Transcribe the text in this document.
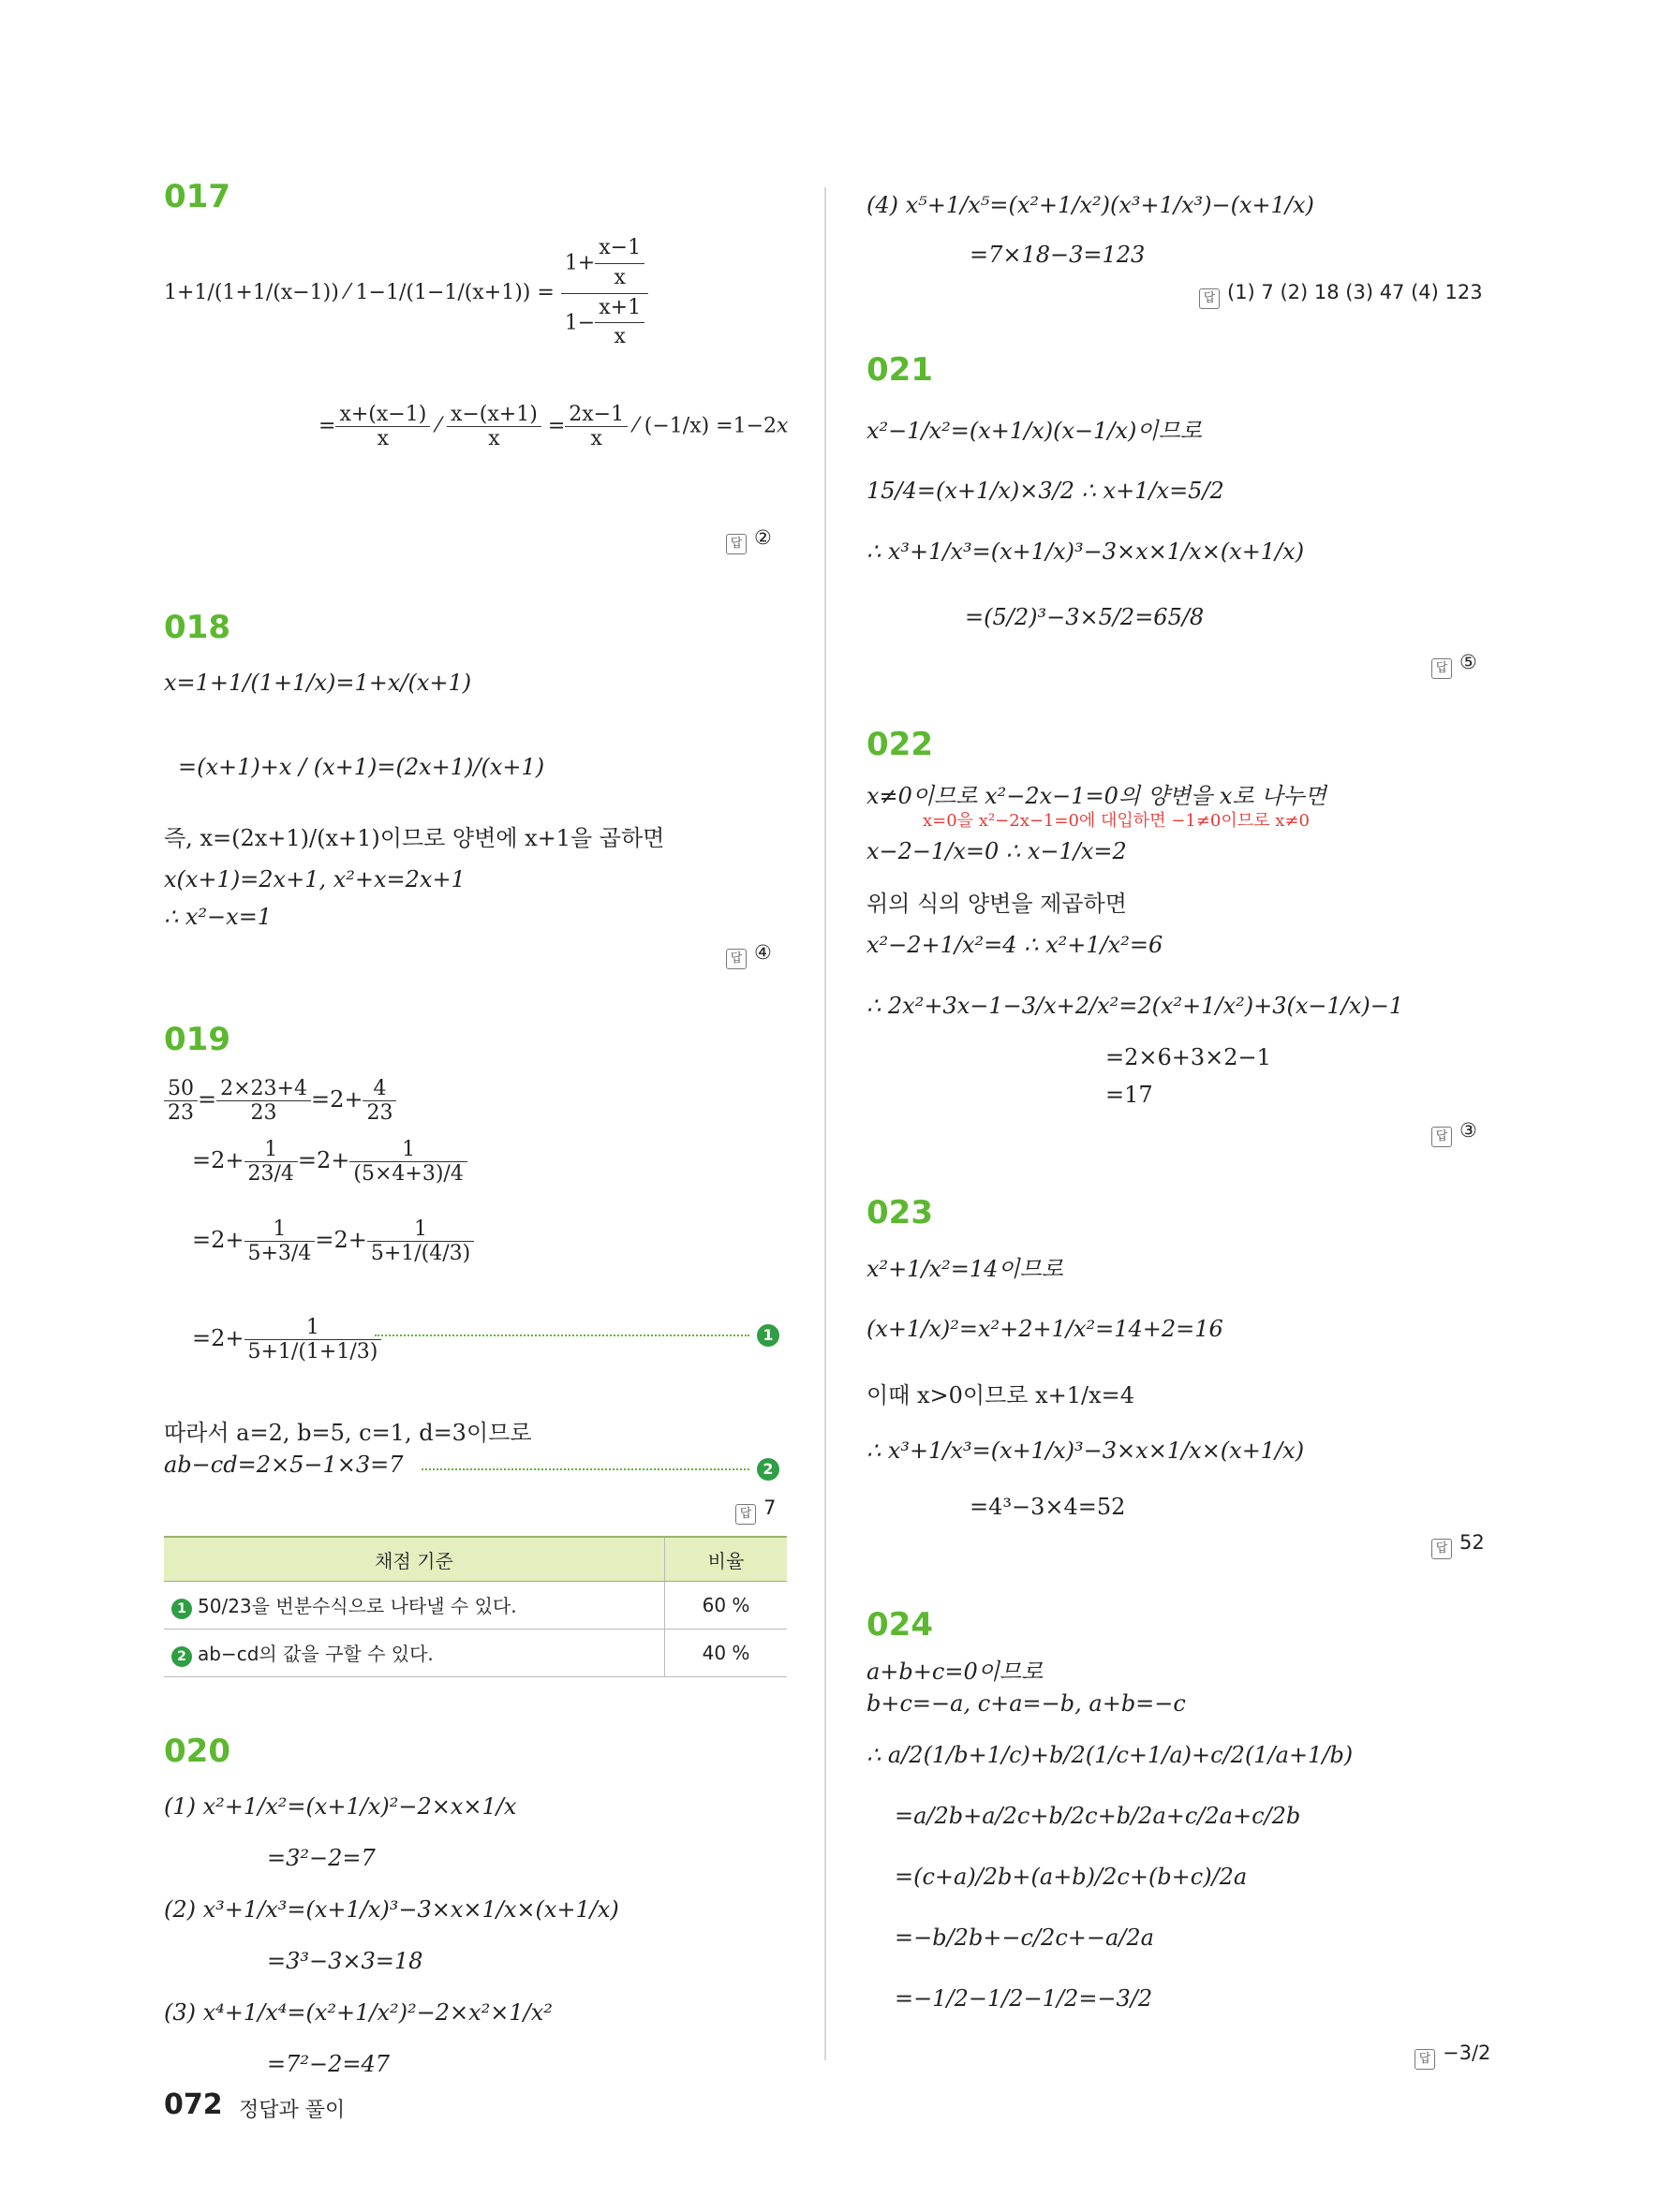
017
1+1/(1+1/(x−1)) ⁄ $1-1/(1-1/(x+1)) = \frac{1+ \frac{x-1}{x}}{1- \frac{x+1}{x}}$
= $\frac{x+(x-1)}{x}$ ⁄ $\frac{x-(x+1)}{x} = \frac{2x-1}{x}$ ⁄ (−1/x) =1−2x
답 ②
018
x=1+1/(1+1/x)=1+x/(x+1)
=(x+1)+x / (x+1)=(2x+1)/(x+1)
즉, x=(2x+1)/(x+1)이므로 양변에 x+1을 곱하면
x(x+1)=2x+1, x²+x=2x+1
∴ x²−x=1
답 ④
019
$\frac{50}{23} = \frac{2\times 23+4}{23} =2+ \frac{4}{23}$
$=2+ \frac{1}{23/4} =2+ \frac{1}{(5\times 4+3)/4}$
$=2+ \frac{1}{5+3/4} =2+ \frac{1}{5+1/(4/3)}$
$=2+ \frac{1}{5+1/(1+1/3)}$	1
따라서 a=2, b=5, c=1, d=3이므로
ab−cd=2×5−1×3=7	2
답 7
채점 기준	비율
1 50/23을 번분수식으로 나타낼 수 있다.	60 %
2 ab−cd의 값을 구할 수 있다.	40 %
020
(1) x²+1/x²=(x+1/x)²−2×x×1/x
=3²−2=7
(2) x³+1/x³=(x+1/x)³−3×x×1/x×(x+1/x)
=3³−3×3=18
(3) x⁴+1/x⁴=(x²+1/x²)²−2×x²×1/x²
=7²−2=47
072 정답과 풀이
(4) x⁵+1/x⁵=(x²+1/x²)(x³+1/x³)−(x+1/x)
=7×18−3=123
답 (1) 7 (2) 18 (3) 47 (4) 123
021
x²−1/x²=(x+1/x)(x−1/x)이므로
15/4=(x+1/x)×3/2 ∴ x+1/x=5/2
∴ x³+1/x³=(x+1/x)³−3×x×1/x×(x+1/x)
=(5/2)³−3×5/2=65/8
답 ⑤
022
x≠0이므로 x²−2x−1=0의 양변을 x로 나누면
x=0을 x²−2x−1=0에 대입하면 −1≠0이므로 x≠0
x−2−1/x=0 ∴ x−1/x=2
위의 식의 양변을 제곱하면
x²−2+1/x²=4 ∴ x²+1/x²=6
∴ 2x²+3x−1−3/x+2/x²=2(x²+1/x²)+3(x−1/x)−1
=2×6+3×2−1
=17
답 ③
023
x²+1/x²=14이므로
(x+1/x)²=x²+2+1/x²=14+2=16
이때 x>0이므로 x+1/x=4
∴ x³+1/x³=(x+1/x)³−3×x×1/x×(x+1/x)
=4³−3×4=52
답 52
024
a+b+c=0이므로
b+c=−a, c+a=−b, a+b=−c
∴ a/2(1/b+1/c)+b/2(1/c+1/a)+c/2(1/a+1/b)
=a/2b+a/2c+b/2c+b/2a+c/2a+c/2b
=(c+a)/2b+(a+b)/2c+(b+c)/2a
=−b/2b+−c/2c+−a/2a
=−1/2−1/2−1/2=−3/2
답 −3/2
